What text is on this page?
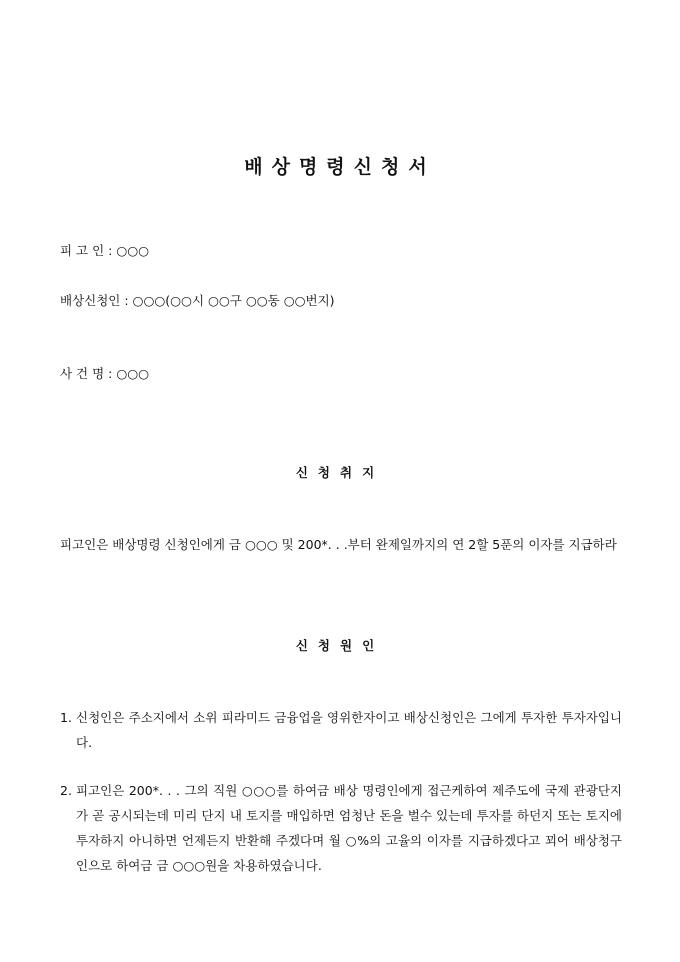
배상명령신청서
피 고 인 : ○○○
배상신청인 : ○○○(○○시 ○○구 ○○동 ○○번지)
사 건 명 : ○○○
신청취지
피고인은 배상명령 신청인에게 금 ○○○ 및 200*. . .부터 완제일까지의 연 2할 5푼의 이자를 지급하라
신청원인
1. 신청인은 주소지에서 소위 피라미드 금융업을 영위한자이고 배상신청인은 그에게 투자한 투자자입니다.
2. 피고인은 200*. . . 그의 직원 ○○○를 하여금 배상 명령인에게 접근케하여 제주도에 국제 관광단지가 곧 공시되는데 미리 단지 내 토지를 매입하면 엄청난 돈을 벌수 있는데 투자를 하던지 또는 토지에 투자하지 아니하면 언제든지 반환해 주겠다며 월 ○%의 고율의 이자를 지급하겠다고 꾀어 배상청구인으로 하여금 금 ○○○원을 차용하였습니다.
